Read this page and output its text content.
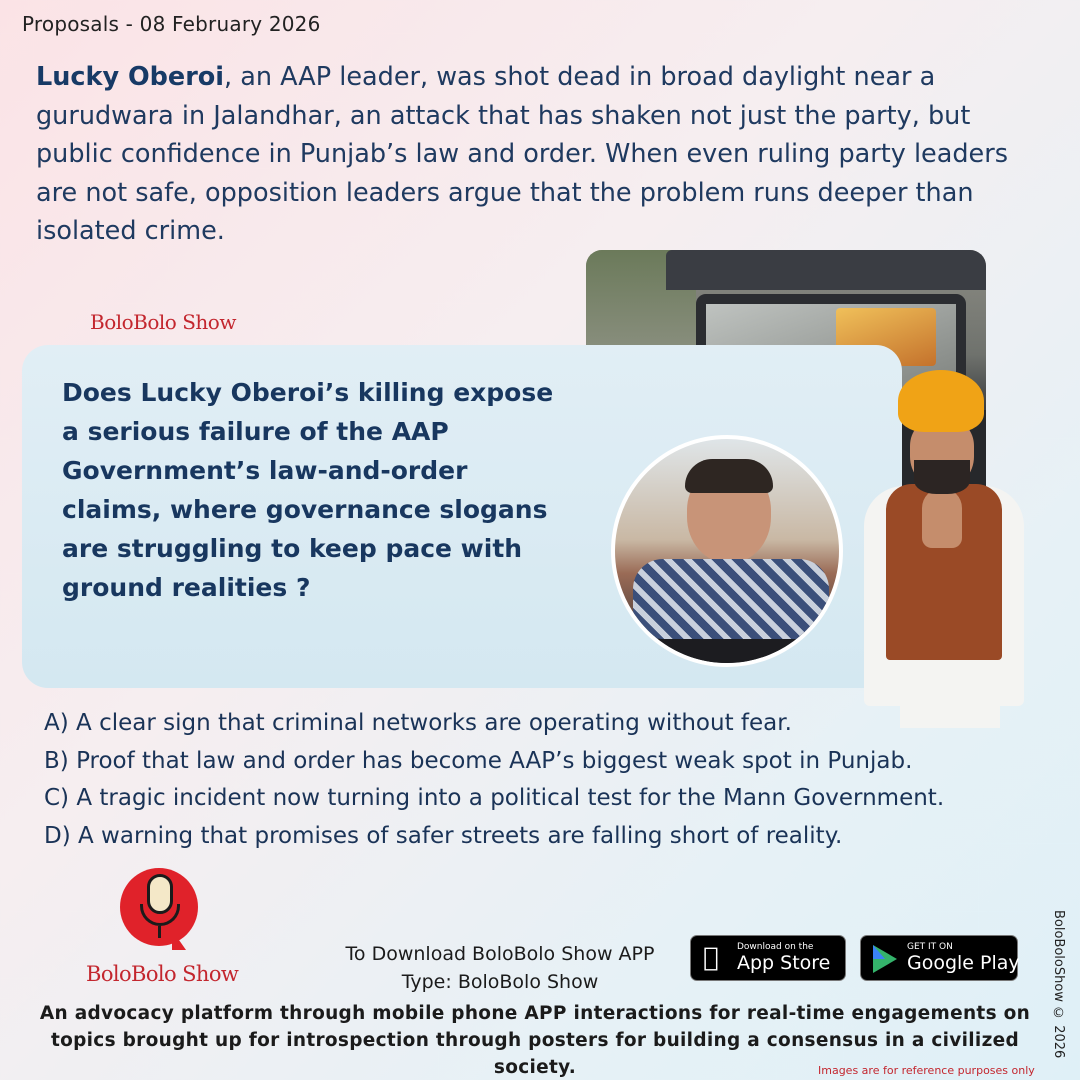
Proposals - 08 February 2026
Lucky Oberoi, an AAP leader, was shot dead in broad daylight near a gurudwara in Jalandhar, an attack that has shaken not just the party, but public confidence in Punjab’s law and order. When even ruling party leaders are not safe, opposition leaders argue that the problem runs deeper than isolated crime.
BoloBolo Show
Does Lucky Oberoi’s killing expose a serious failure of the AAP Government’s law-and-order claims, where governance slogans are struggling to keep pace with ground realities ?
A) A clear sign that criminal networks are operating without fear.
B) Proof that law and order has become AAP’s biggest weak spot in Punjab.
C) A tragic incident now turning into a political test for the Mann Government.
D) A warning that promises of safer streets are falling short of reality.
BoloBolo Show
To Download BoloBolo Show APP
Type: BoloBolo Show
Download on the
App Store
GET IT ON
Google Play
An advocacy platform through mobile phone APP interactions for real-time engagements on topics brought up for introspection through posters for building a consensus in a civilized society.
BoloBoloShow © 2026
Images are for reference purposes only
